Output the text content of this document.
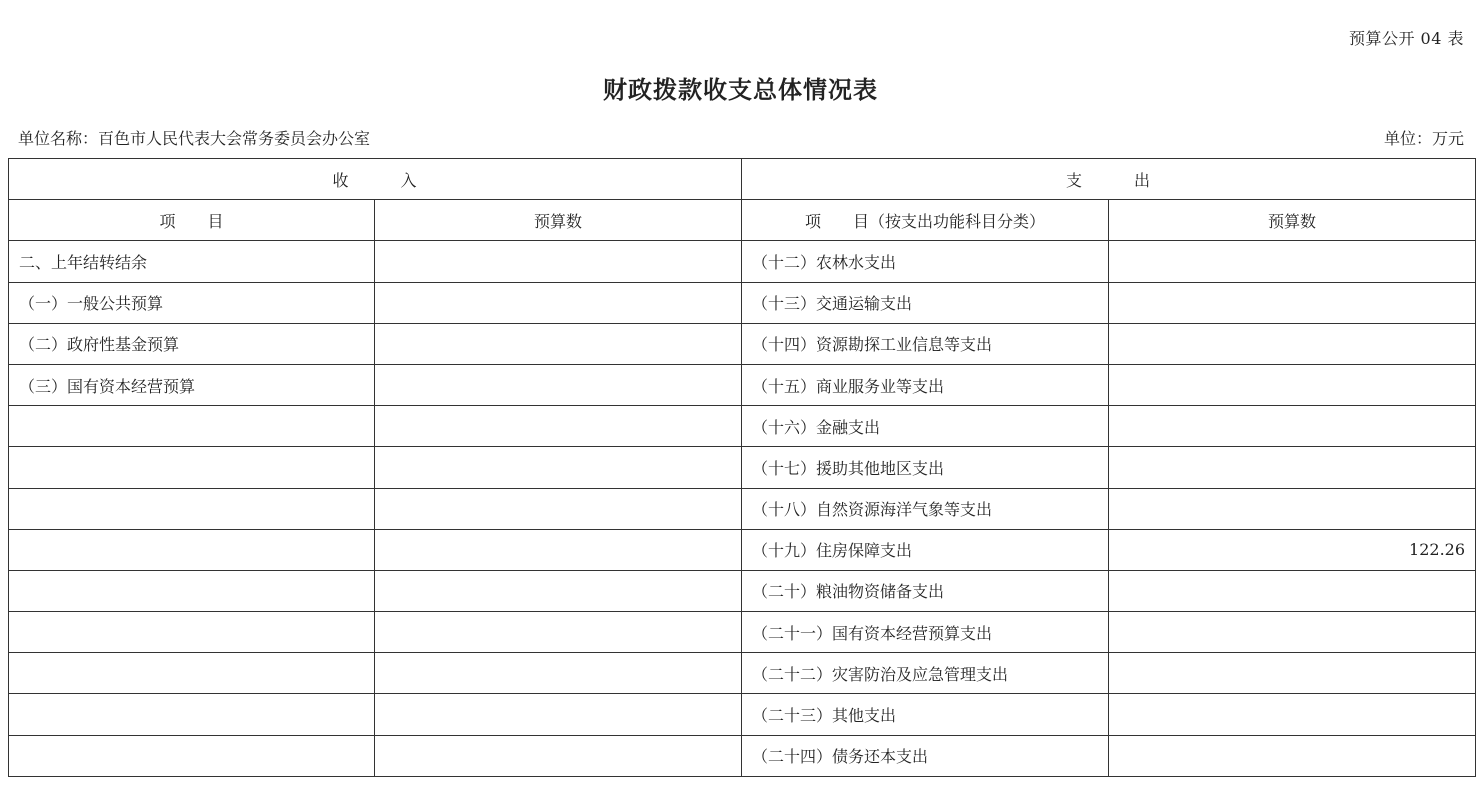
预算公开 04 表
财政拨款收支总体情况表
单位名称：百色市人民代表大会常务委员会办公室	单位：万元
收　　　入		支　　　出	
项　　目	预算数	项　　目（按支出功能科目分类）	预算数
二、上年结转结余		（十二）农林水支出	
（一）一般公共预算		（十三）交通运输支出	
（二）政府性基金预算		（十四）资源勘探工业信息等支出	
（三）国有资本经营预算		（十五）商业服务业等支出	
		（十六）金融支出	
		（十七）援助其他地区支出	
		（十八）自然资源海洋气象等支出	
		（十九）住房保障支出	122.26
		（二十）粮油物资储备支出	
		（二十一）国有资本经营预算支出	
		（二十二）灾害防治及应急管理支出	
		（二十三）其他支出	
		（二十四）债务还本支出	
